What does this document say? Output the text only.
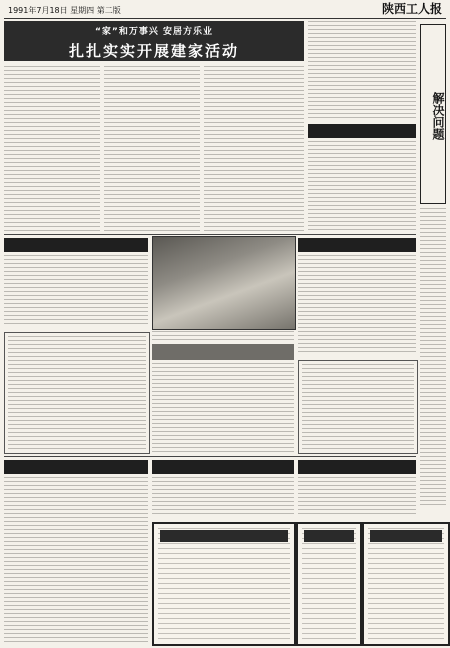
1991年7月18日 星期四 第二版	陕西工人报
“家”和万事兴 安居方乐业
扎扎实实开展建家活动
解决问题
